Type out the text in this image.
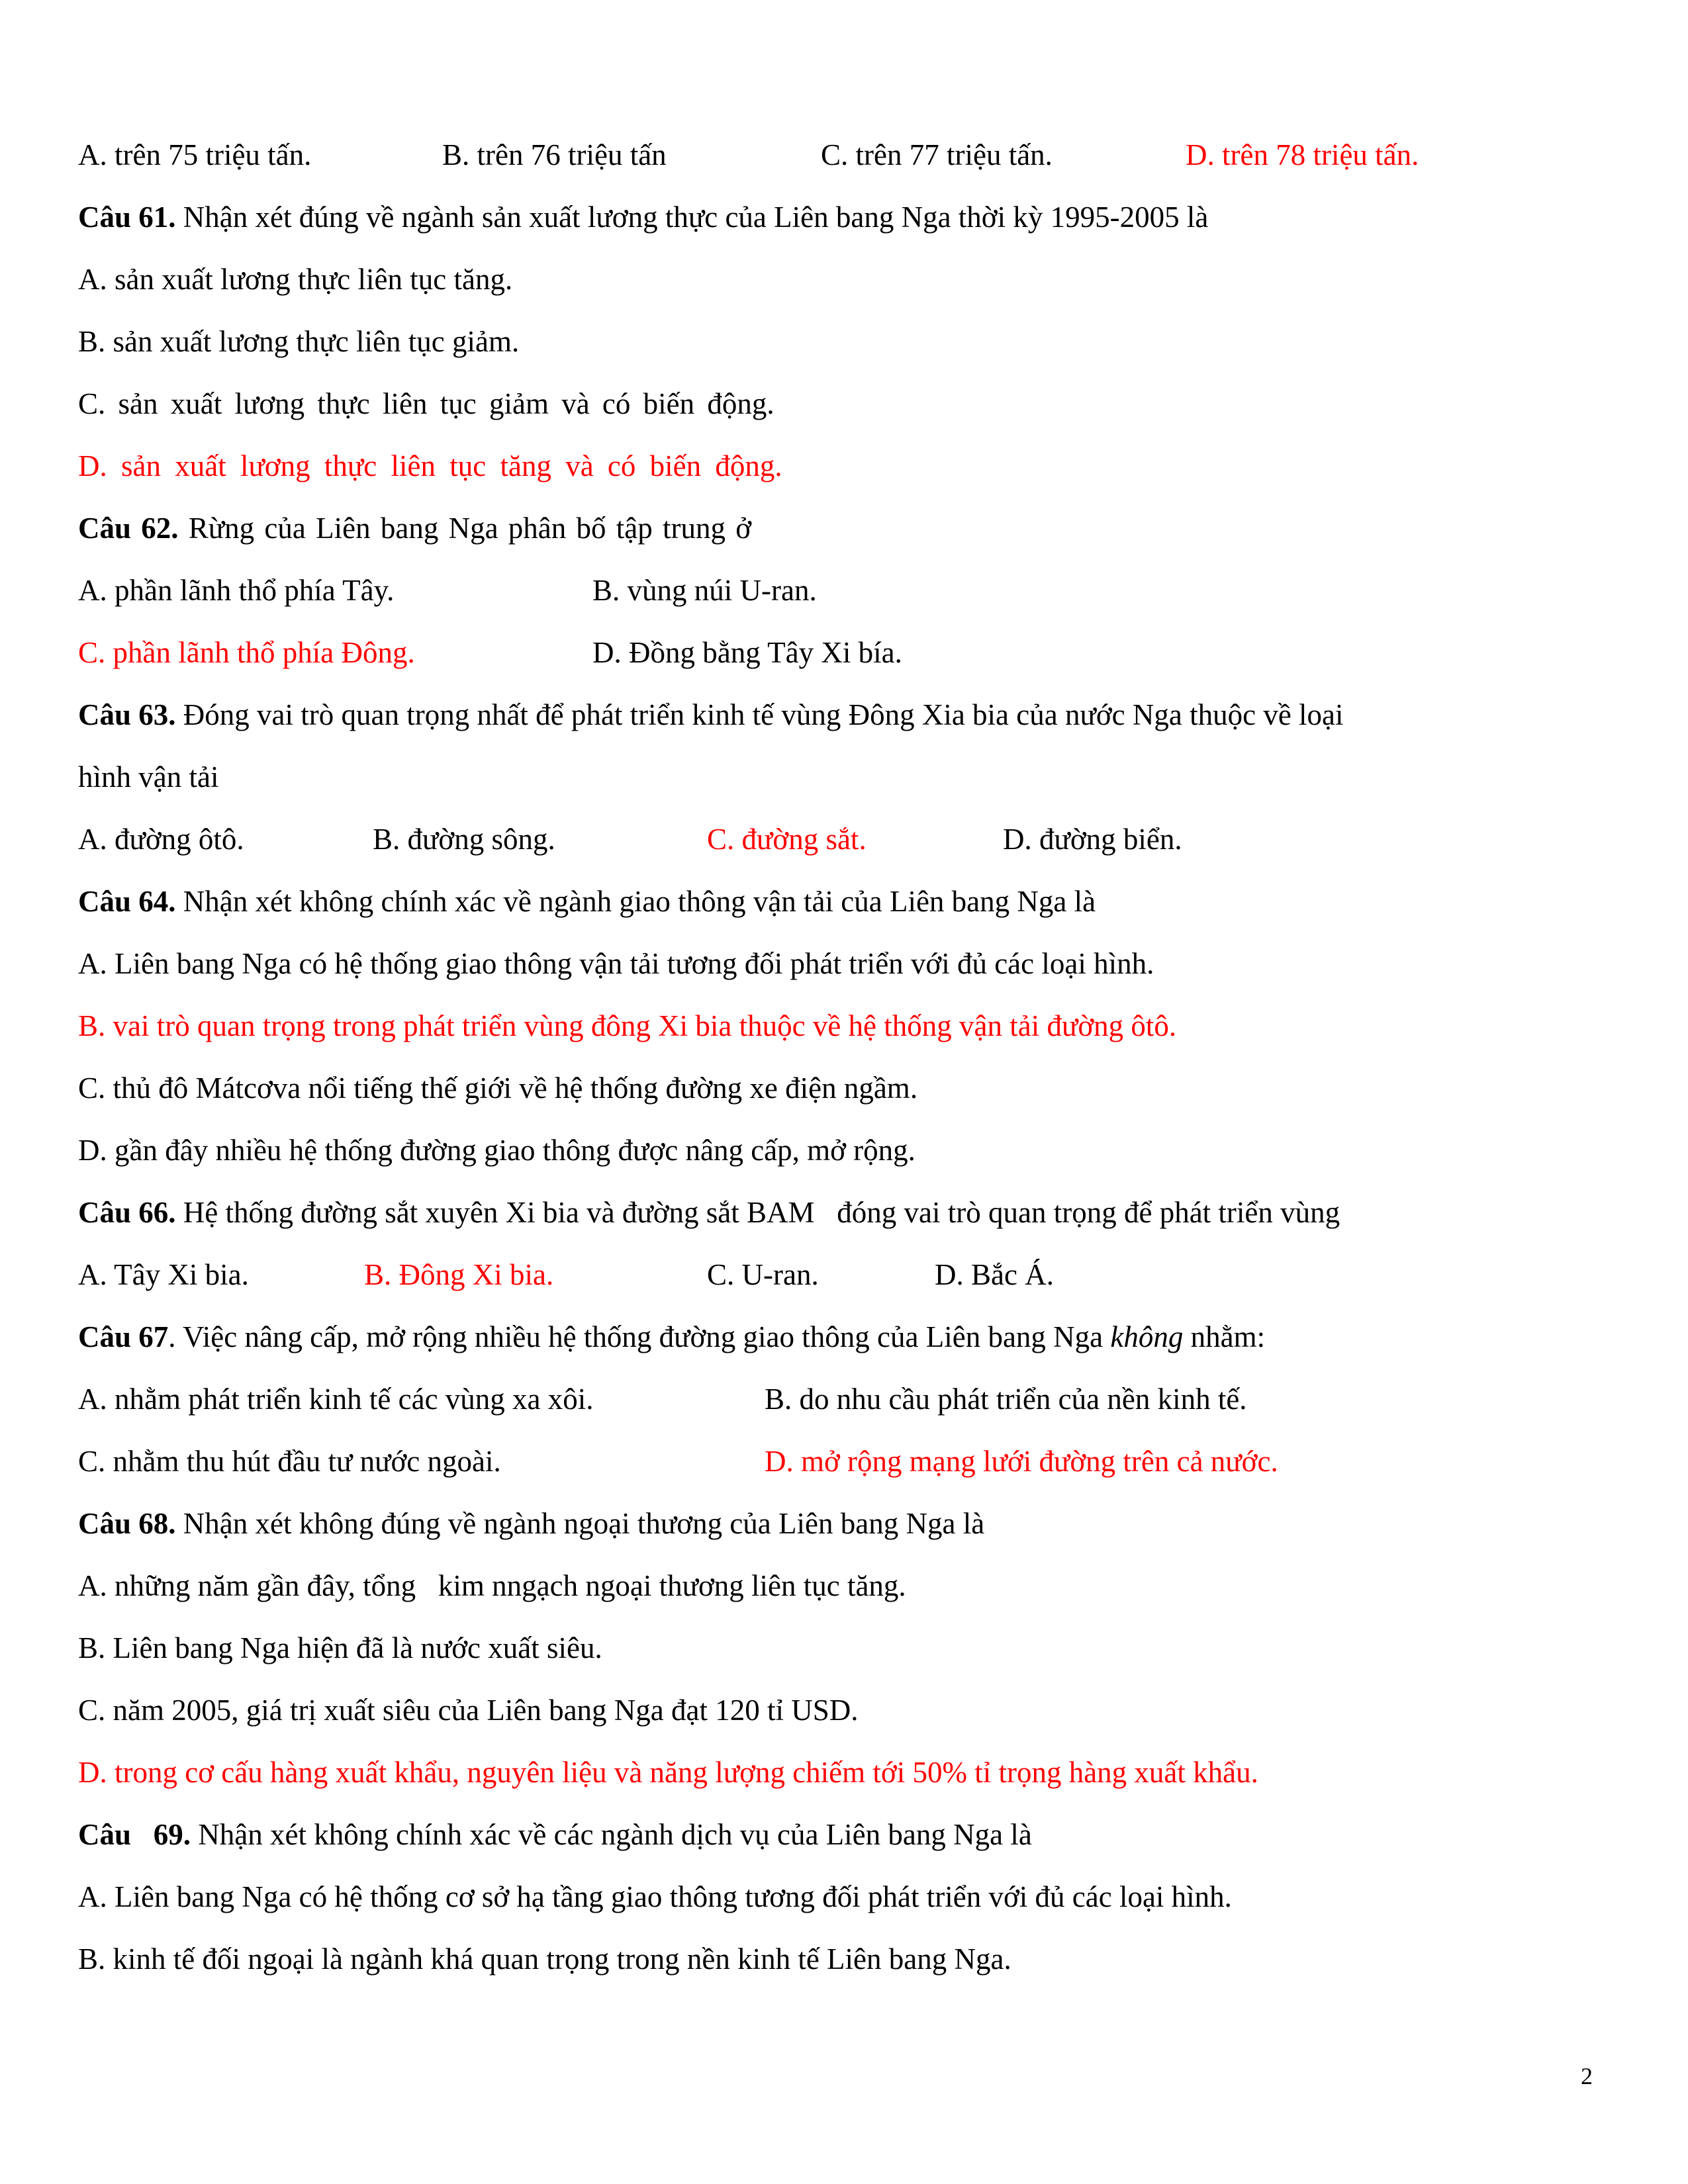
A. trên 75 triệu tấn.	B. trên 76 triệu tấn	C. trên 77 triệu tấn.	D. trên 78 triệu tấn.
Câu 61. Nhận xét đúng về ngành sản xuất lương thực của Liên bang Nga thời kỳ 1995-2005 là
A. sản xuất lương thực liên tục tăng.
B. sản xuất lương thực liên tục giảm.
C. sản xuất lương thực liên tục giảm và có biến động.
D. sản xuất lương thực liên tục tăng và có biến động.
Câu 62. Rừng của Liên bang Nga phân bố tập trung ở
A. phần lãnh thổ phía Tây.	B. vùng núi U-ran.
C. phần lãnh thổ phía Đông.	D. Đồng bằng Tây Xi bía.
Câu 63. Đóng vai trò quan trọng nhất để phát triển kinh tế vùng Đông Xia bia của nước Nga thuộc về loại
hình vận tải
A. đường ôtô.	B. đường sông.	C. đường sắt.	D. đường biển.
Câu 64. Nhận xét không chính xác về ngành giao thông vận tải của Liên bang Nga là
A. Liên bang Nga có hệ thống giao thông vận tải tương đối phát triển với đủ các loại hình.
B. vai trò quan trọng trong phát triển vùng đông Xi bia thuộc về hệ thống vận tải đường ôtô.
C. thủ đô Mátcơva nổi tiếng thế giới về hệ thống đường xe điện ngầm.
D. gần đây nhiều hệ thống đường giao thông được nâng cấp, mở rộng.
Câu 66. Hệ thống đường sắt xuyên Xi bia và đường sắt BAM   đóng vai trò quan trọng để phát triển vùng
A. Tây Xi bia.	B. Đông Xi bia.	C. U-ran.	D. Bắc Á.
Câu 67. Việc nâng cấp, mở rộng nhiều hệ thống đường giao thông của Liên bang Nga không nhằm:
A. nhằm phát triển kinh tế các vùng xa xôi.	B. do nhu cầu phát triển của nền kinh tế.
C. nhằm thu hút đầu tư nước ngoài.	D. mở rộng mạng lưới đường trên cả nước.
Câu 68. Nhận xét không đúng về ngành ngoại thương của Liên bang Nga là
A. những năm gần đây, tổng   kim nngạch ngoại thương liên tục tăng.
B. Liên bang Nga hiện đã là nước xuất siêu.
C. năm 2005, giá trị xuất siêu của Liên bang Nga đạt 120 tỉ USD.
D. trong cơ cấu hàng xuất khẩu, nguyên liệu và năng lượng chiếm tới 50% tỉ trọng hàng xuất khẩu.
Câu   69. Nhận xét không chính xác về các ngành dịch vụ của Liên bang Nga là
A. Liên bang Nga có hệ thống cơ sở hạ tầng giao thông tương đối phát triển với đủ các loại hình.
B. kinh tế đối ngoại là ngành khá quan trọng trong nền kinh tế Liên bang Nga.
2
